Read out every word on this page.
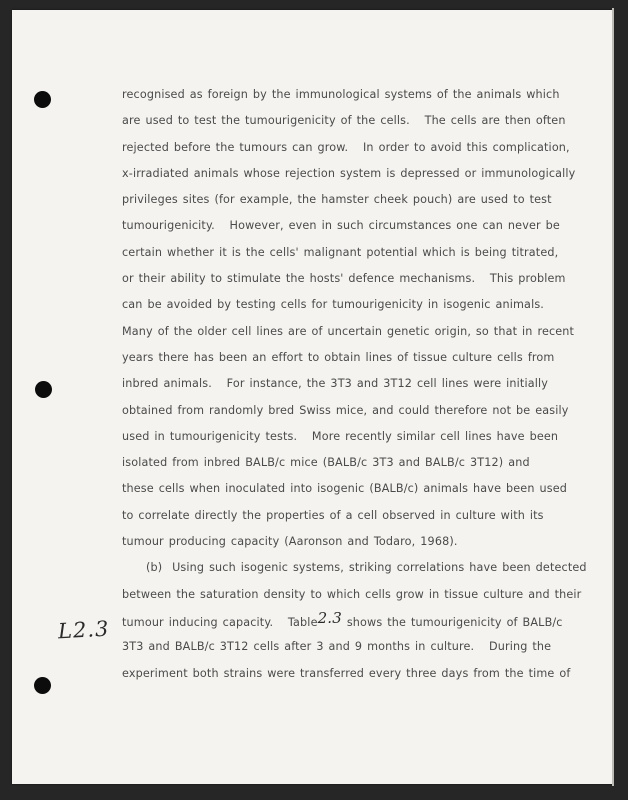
L2.3
recognised as foreign by the immunological systems of the animals which
are used to test the tumourigenicity of the cells.   The cells are then often
rejected before the tumours can grow.   In order to avoid this complication,
x-irradiated animals whose rejection system is depressed or immunologically
privileges sites (for example, the hamster cheek pouch) are used to test
tumourigenicity.   However, even in such circumstances one can never be
certain whether it is the cells' malignant potential which is being titrated,
or their ability to stimulate the hosts' defence mechanisms.   This problem
can be avoided by testing cells for tumourigenicity in isogenic animals.
Many of the older cell lines are of uncertain genetic origin, so that in recent
years there has been an effort to obtain lines of tissue culture cells from
inbred animals.   For instance, the 3T3 and 3T12 cell lines were initially
obtained from randomly bred Swiss mice, and could therefore not be easily
used in tumourigenicity tests.   More recently similar cell lines have been
isolated from inbred BALB/c mice (BALB/c 3T3 and BALB/c 3T12) and
these cells when inoculated into isogenic (BALB/c) animals have been used
to correlate directly the properties of a cell observed in culture with its
tumour producing capacity (Aaronson and Todaro, 1968).
(b)  Using such isogenic systems, striking correlations have been detected
between the saturation density to which cells grow in tissue culture and their
tumour inducing capacity.   Table2.3 shows the tumourigenicity of BALB/c
3T3 and BALB/c 3T12 cells after 3 and 9 months in culture.   During the
experiment both strains were transferred every three days from the time of
